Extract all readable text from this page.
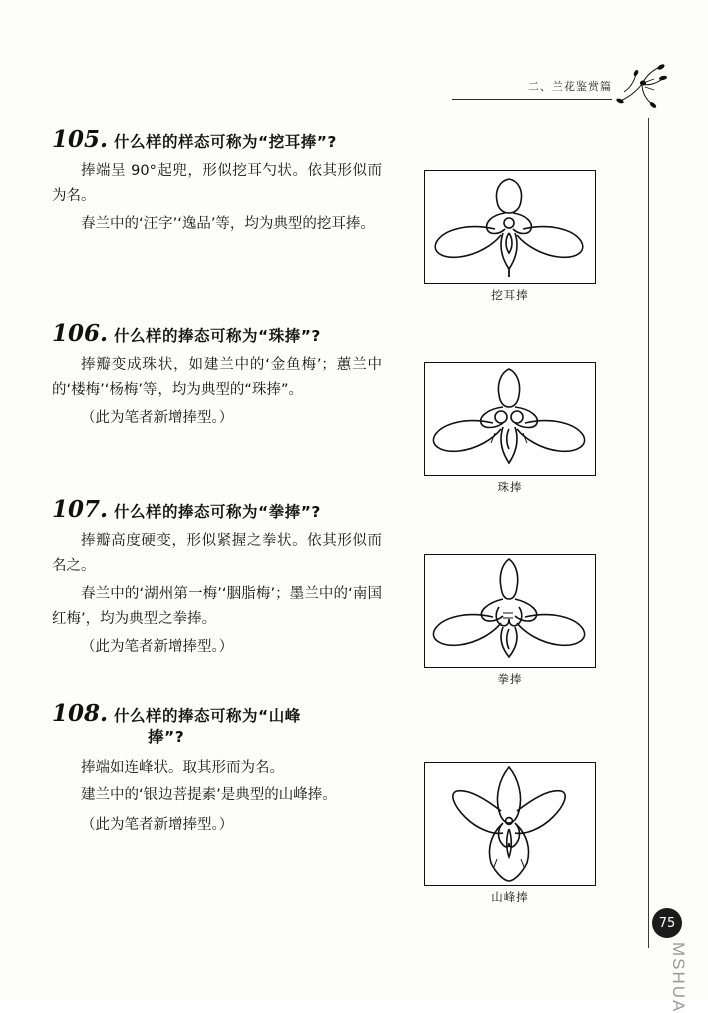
二、兰花鉴赏篇
105. 什么样的样态可称为“挖耳捧”?

捧端呈 90°起兜，形似挖耳勺状。依其形似而为名。

春兰中的‘汪字’‘逸品’等，均为典型的挖耳捧。

挖耳捧
106. 什么样的捧态可称为“珠捧”?

捧瓣变成珠状，如建兰中的‘金鱼梅’；蕙兰中的‘楼梅’‘杨梅’等，均为典型的“珠捧”。

（此为笔者新增捧型。）

珠捧
107. 什么样的捧态可称为“拳捧”?

捧瓣高度硬变，形似紧握之拳状。依其形似而名之。

春兰中的‘湖州第一梅’‘胭脂梅’；墨兰中的‘南国红梅’，均为典型之拳捧。

（此为笔者新增捧型。）

拳捧
108. 什么样的捧态可称为“山峰
捧”?

捧端如连峰状。取其形而为名。

建兰中的‘银边菩提素’是典型的山峰捧。

（此为笔者新增捧型。）

山峰捧
75
MSHUA
